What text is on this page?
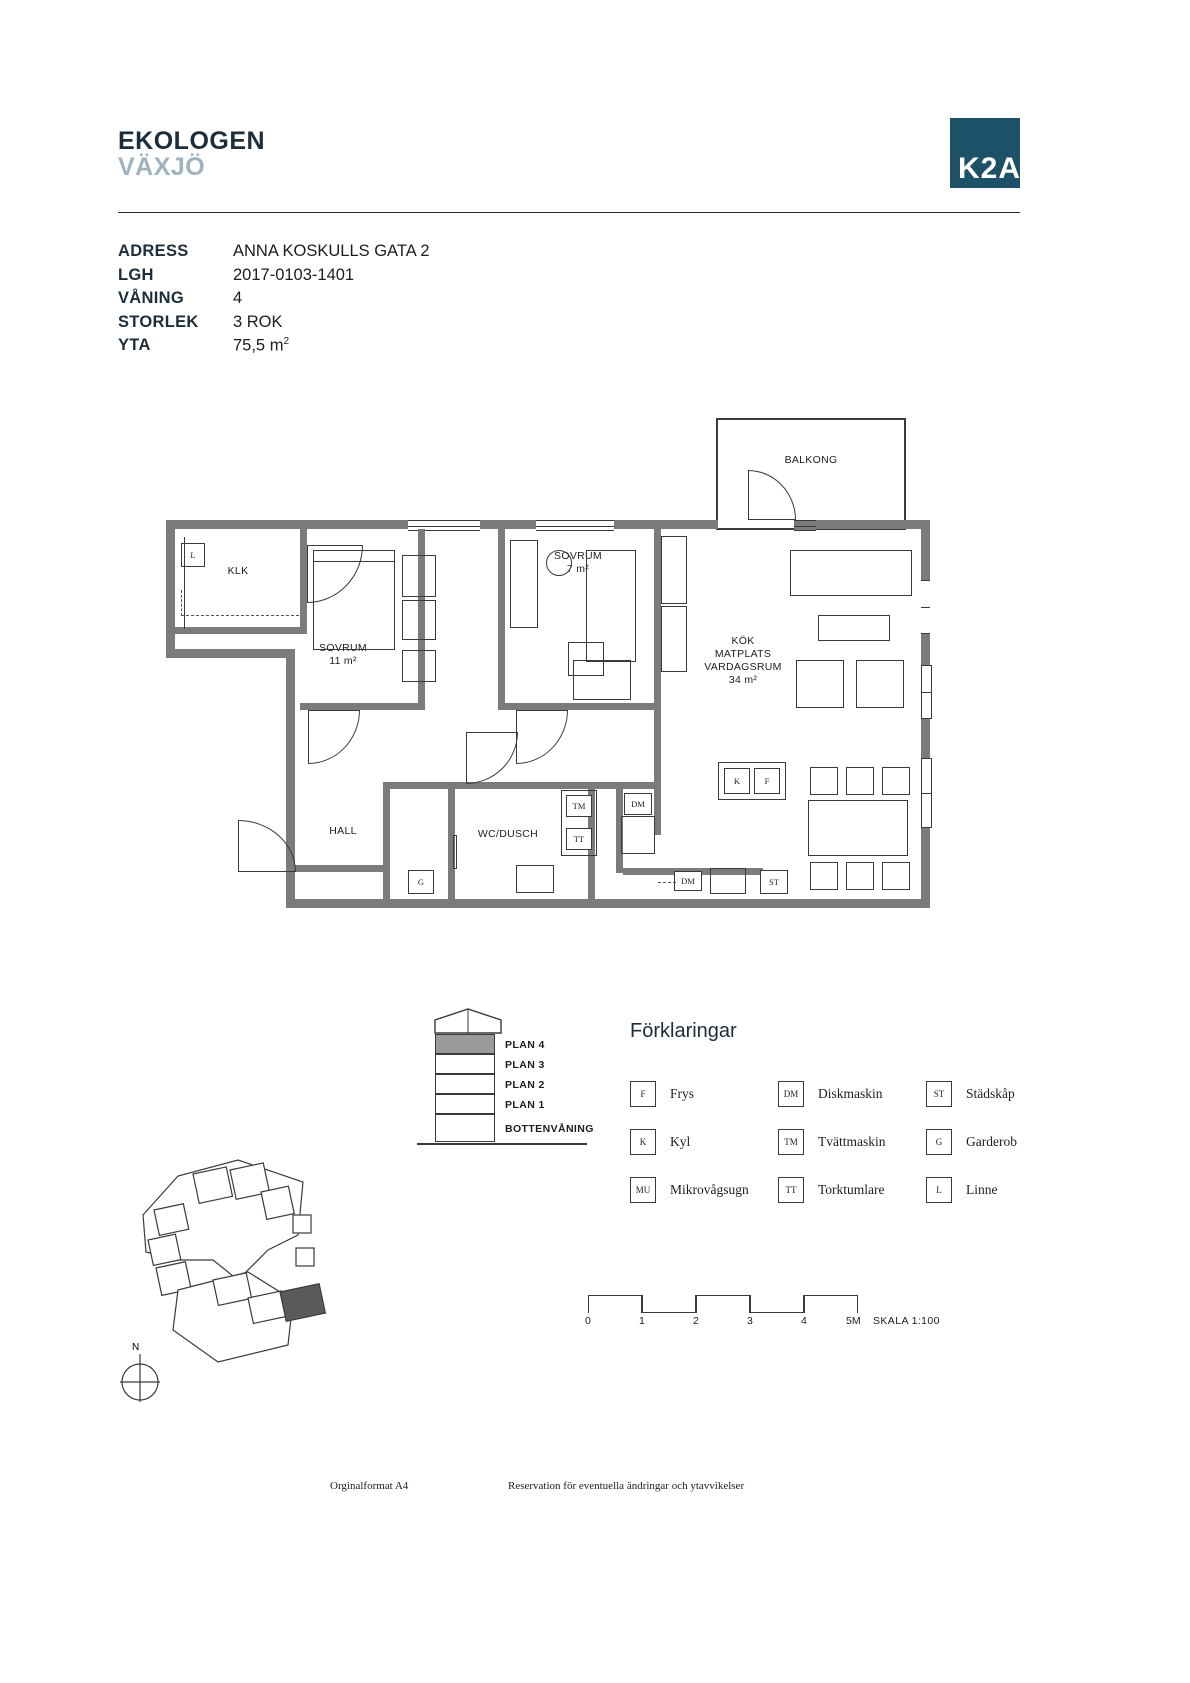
EKOLOGEN
VÄXJÖ	K2A
ADRESS	ANNA KOSKULLS GATA 2
LGH	2017-0103-1401
VÅNING	4
STORLEK	3 ROK
YTA	75,5 $m^2$
BALKONG
KLK
SOVRUM
11 m²
SOVRUM
7 m²
KÖK
MATPLATS
VARDAGSRUM
34 m²
HALL	WC/DUSCH
L
K	F
TM
TT
DM
DM	ST
G
Förklaringar
F	Frys
K	Kyl
MU	Mikrovågsugn
DM	Diskmaskin
TM	Tvättmaskin
TT	Torktumlare
ST	Städskåp
G	Garderob
L	Linne
PLAN 4
PLAN 3
PLAN 2
PLAN 1
BOTTENVÅNING
N
0	1	2	3	4	5M SKALA 1:100
Orginalformat A4	Reservation för eventuella ändringar och ytavvikelser
